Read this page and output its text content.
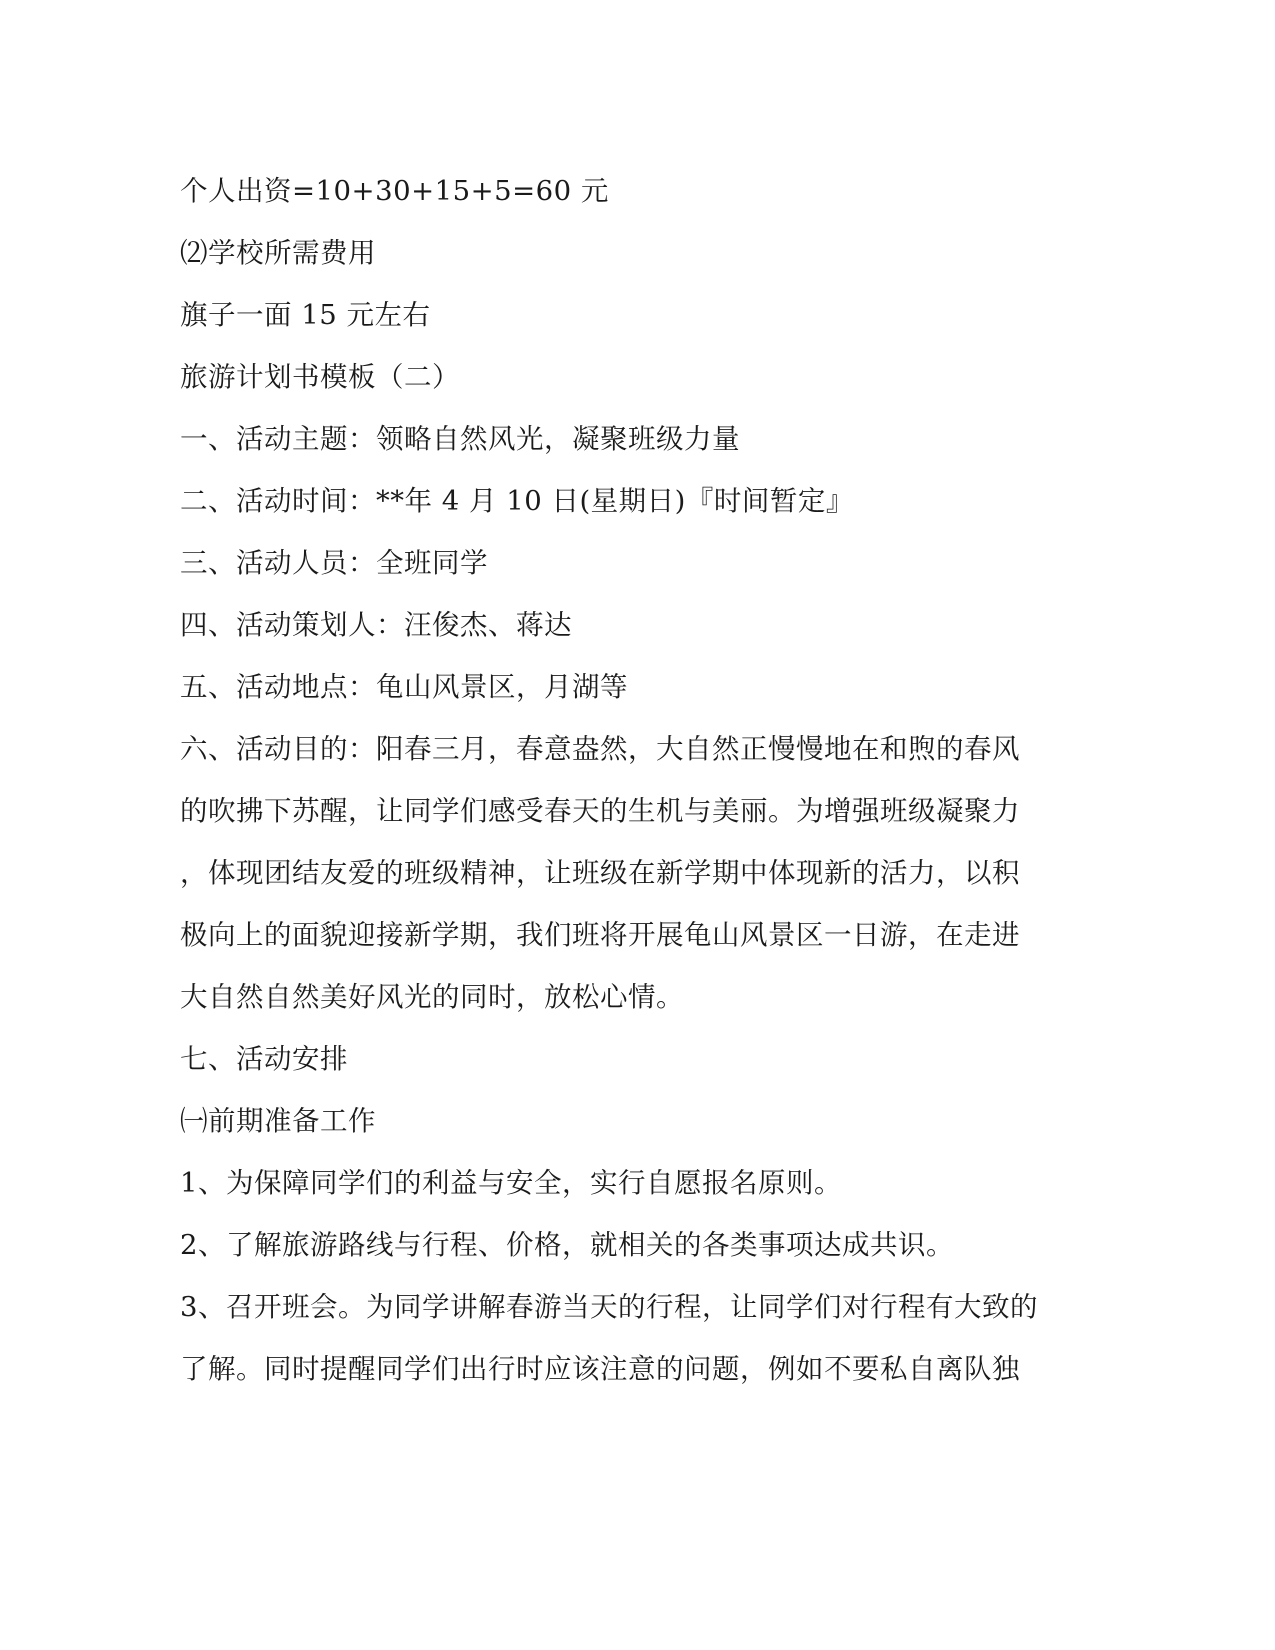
个人出资=10+30+15+5=60 元

⑵学校所需费用

旗子一面 15 元左右

旅游计划书模板（二）

一、活动主题：领略自然风光，凝聚班级力量

二、活动时间：**年 4 月 10 日(星期日)『时间暂定』

三、活动人员：全班同学

四、活动策划人：汪俊杰、蒋达

五、活动地点：龟山风景区，月湖等

六、活动目的：阳春三月，春意盎然，大自然正慢慢地在和煦的春风

的吹拂下苏醒，让同学们感受春天的生机与美丽。为增强班级凝聚力

，体现团结友爱的班级精神，让班级在新学期中体现新的活力，以积

极向上的面貌迎接新学期，我们班将开展龟山风景区一日游，在走进

大自然自然美好风光的同时，放松心情。

七、活动安排

㈠前期准备工作

1、为保障同学们的利益与安全，实行自愿报名原则。

2、了解旅游路线与行程、价格，就相关的各类事项达成共识。

3、召开班会。为同学讲解春游当天的行程，让同学们对行程有大致的

了解。同时提醒同学们出行时应该注意的问题，例如不要私自离队独
